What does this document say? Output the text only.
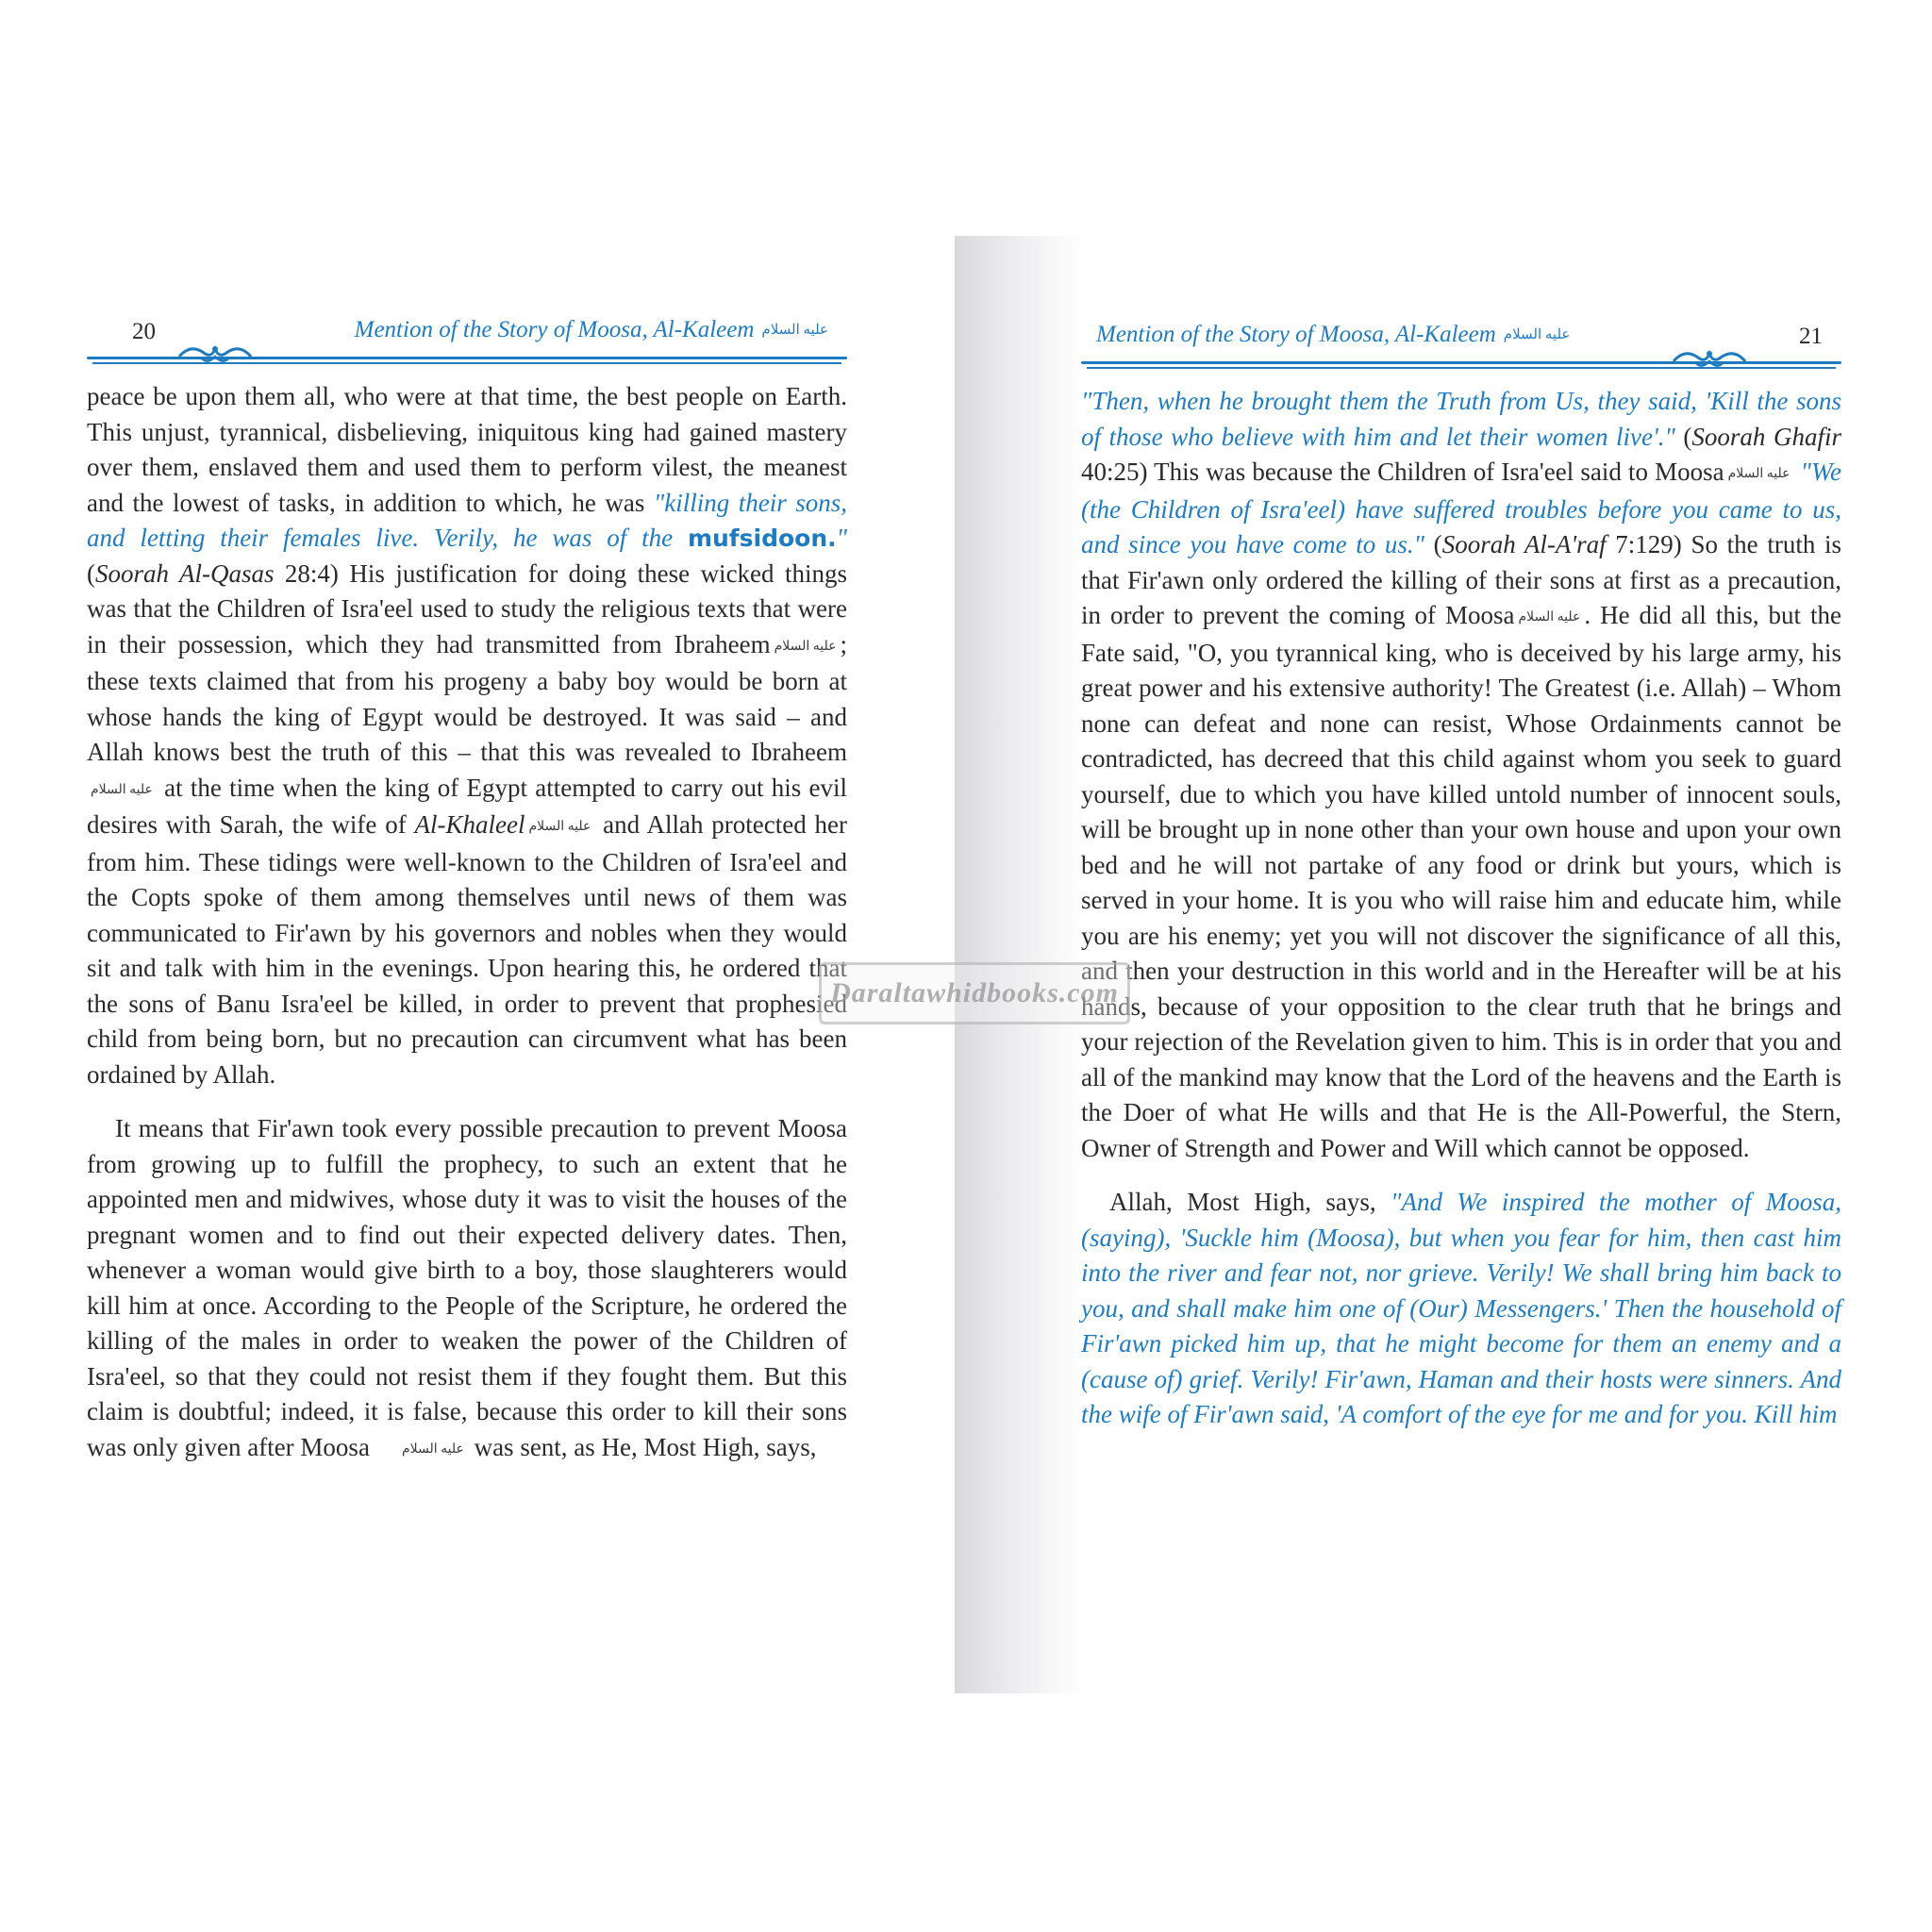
20	Mention of the Story of Moosa, Al-Kaleem عليه السلام

peace be upon them all, who were at that time, the best people on Earth. This unjust, tyrannical, disbelieving, iniquitous king had gained mastery over them, enslaved them and used them to perform vilest, the meanest and the lowest of tasks, in addition to which, he was "killing their sons, and letting their females live. Verily, he was of the mufsidoon." (Soorah Al-Qasas 28:4) His justification for doing these wicked things was that the Children of Isra'eel used to study the religious texts that were in their possession, which they had transmitted from Ibraheem عليه السلام ; these texts claimed that from his progeny a baby boy would be born at whose hands the king of Egypt would be destroyed. It was said – and Allah knows best the truth of this – that this was revealed to Ibraheemعليه السلام at the time when the king of Egypt attempted to carry out his evil desires with Sarah, the wife of Al-Khaleel عليه السلام and Allah protected her from him. These tidings were well-known to the Children of Isra'eel and the Copts spoke of them among themselves until news of them was communicated to Fir'awn by his governors and nobles when they would sit and talk with him in the evenings. Upon hearing this, he ordered that the sons of Banu Isra'eel be killed, in order to prevent that prophesied child from being born, but no precaution can circumvent what has been ordained by Allah.

It means that Fir'awn took every possible precaution to prevent Moosa from growing up to fulfill the prophecy, to such an extent that he appointed men and midwives, whose duty it was to visit the houses of the pregnant women and to find out their expected delivery dates. Then, whenever a woman would give birth to a boy, those slaughterers would kill him at once. According to the People of the Scripture, he ordered the killing of the males in order to weaken the power of the Children of Isra'eel, so that they could not resist them if they fought them. But this claim is doubtful; indeed, it is false, because this order to kill their sons was only given after Moosa عليه السلام was sent, as He, Most High, says,

Mention of the Story of Moosa, Al-Kaleem عليه السلام	21

"Then, when he brought them the Truth from Us, they said, 'Kill the sons of those who believe with him and let their women live'." (Soorah Ghafir 40:25) This was because the Children of Isra'eel said to Moosa عليه السلام "We (the Children of Isra'eel) have suffered troubles before you came to us, and since you have come to us." (Soorah Al-A'raf 7:129) So the truth is that Fir'awn only ordered the killing of their sons at first as a precaution, in order to prevent the coming of Moosa عليه السلام . He did all this, but the Fate said, "O, you tyrannical king, who is deceived by his large army, his great power and his extensive authority! The Greatest (i.e. Allah) – Whom none can defeat and none can resist, Whose Ordainments cannot be contradicted, has decreed that this child against whom you seek to guard yourself, due to which you have killed untold number of innocent souls, will be brought up in none other than your own house and upon your own bed and he will not partake of any food or drink but yours, which is served in your home. It is you who will raise him and educate him, while you are his enemy; yet you will not discover the significance of all this, and then your destruction in this world and in the Hereafter will be at his hands, because of your opposition to the clear truth that he brings and your rejection of the Revelation given to him. This is in order that you and all of the mankind may know that the Lord of the heavens and the Earth is the Doer of what He wills and that He is the All-Powerful, the Stern, Owner of Strength and Power and Will which cannot be opposed.

Allah, Most High, says, "And We inspired the mother of Moosa, (saying), 'Suckle him (Moosa), but when you fear for him, then cast him into the river and fear not, nor grieve. Verily! We shall bring him back to you, and shall make him one of (Our) Messengers.' Then the household of Fir'awn picked him up, that he might become for them an enemy and a (cause of) grief. Verily! Fir'awn, Haman and their hosts were sinners. And the wife of Fir'awn said, 'A comfort of the eye for me and for you. Kill him

Daraltawhidbooks.com
